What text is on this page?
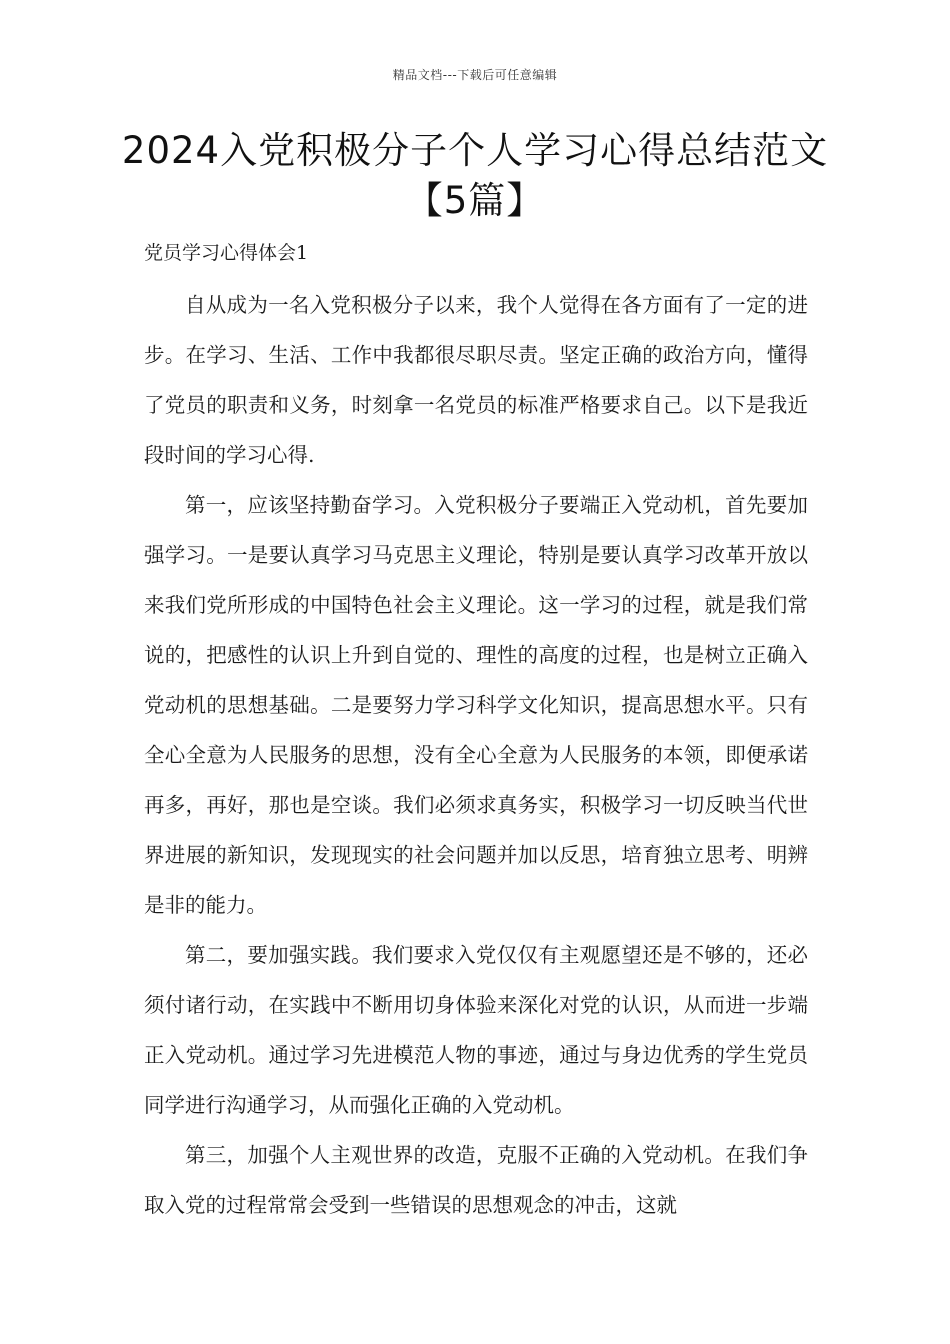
精品文档---下载后可任意编辑
2024入党积极分子个人学习心得总结范文【5篇】
党员学习心得体会1

自从成为一名入党积极分子以来，我个人觉得在各方面有了一定的进步。在学习、生活、工作中我都很尽职尽责。坚定正确的政治方向，懂得了党员的职责和义务，时刻拿一名党员的标准严格要求自己。以下是我近段时间的学习心得.

第一，应该坚持勤奋学习。入党积极分子要端正入党动机，首先要加强学习。一是要认真学习马克思主义理论，特别是要认真学习改革开放以来我们党所形成的中国特色社会主义理论。这一学习的过程，就是我们常说的，把感性的认识上升到自觉的、理性的高度的过程，也是树立正确入党动机的思想基础。二是要努力学习科学文化知识，提高思想水平。只有全心全意为人民服务的思想，没有全心全意为人民服务的本领，即便承诺再多，再好，那也是空谈。我们必须求真务实，积极学习一切反映当代世界进展的新知识，发现现实的社会问题并加以反思，培育独立思考、明辨是非的能力。

第二，要加强实践。我们要求入党仅仅有主观愿望还是不够的，还必须付诸行动，在实践中不断用切身体验来深化对党的认识，从而进一步端正入党动机。通过学习先进模范人物的事迹，通过与身边优秀的学生党员同学进行沟通学习，从而强化正确的入党动机。

第三，加强个人主观世界的改造，克服不正确的入党动机。在我们争取入党的过程常常会受到一些错误的思想观念的冲击，这就
